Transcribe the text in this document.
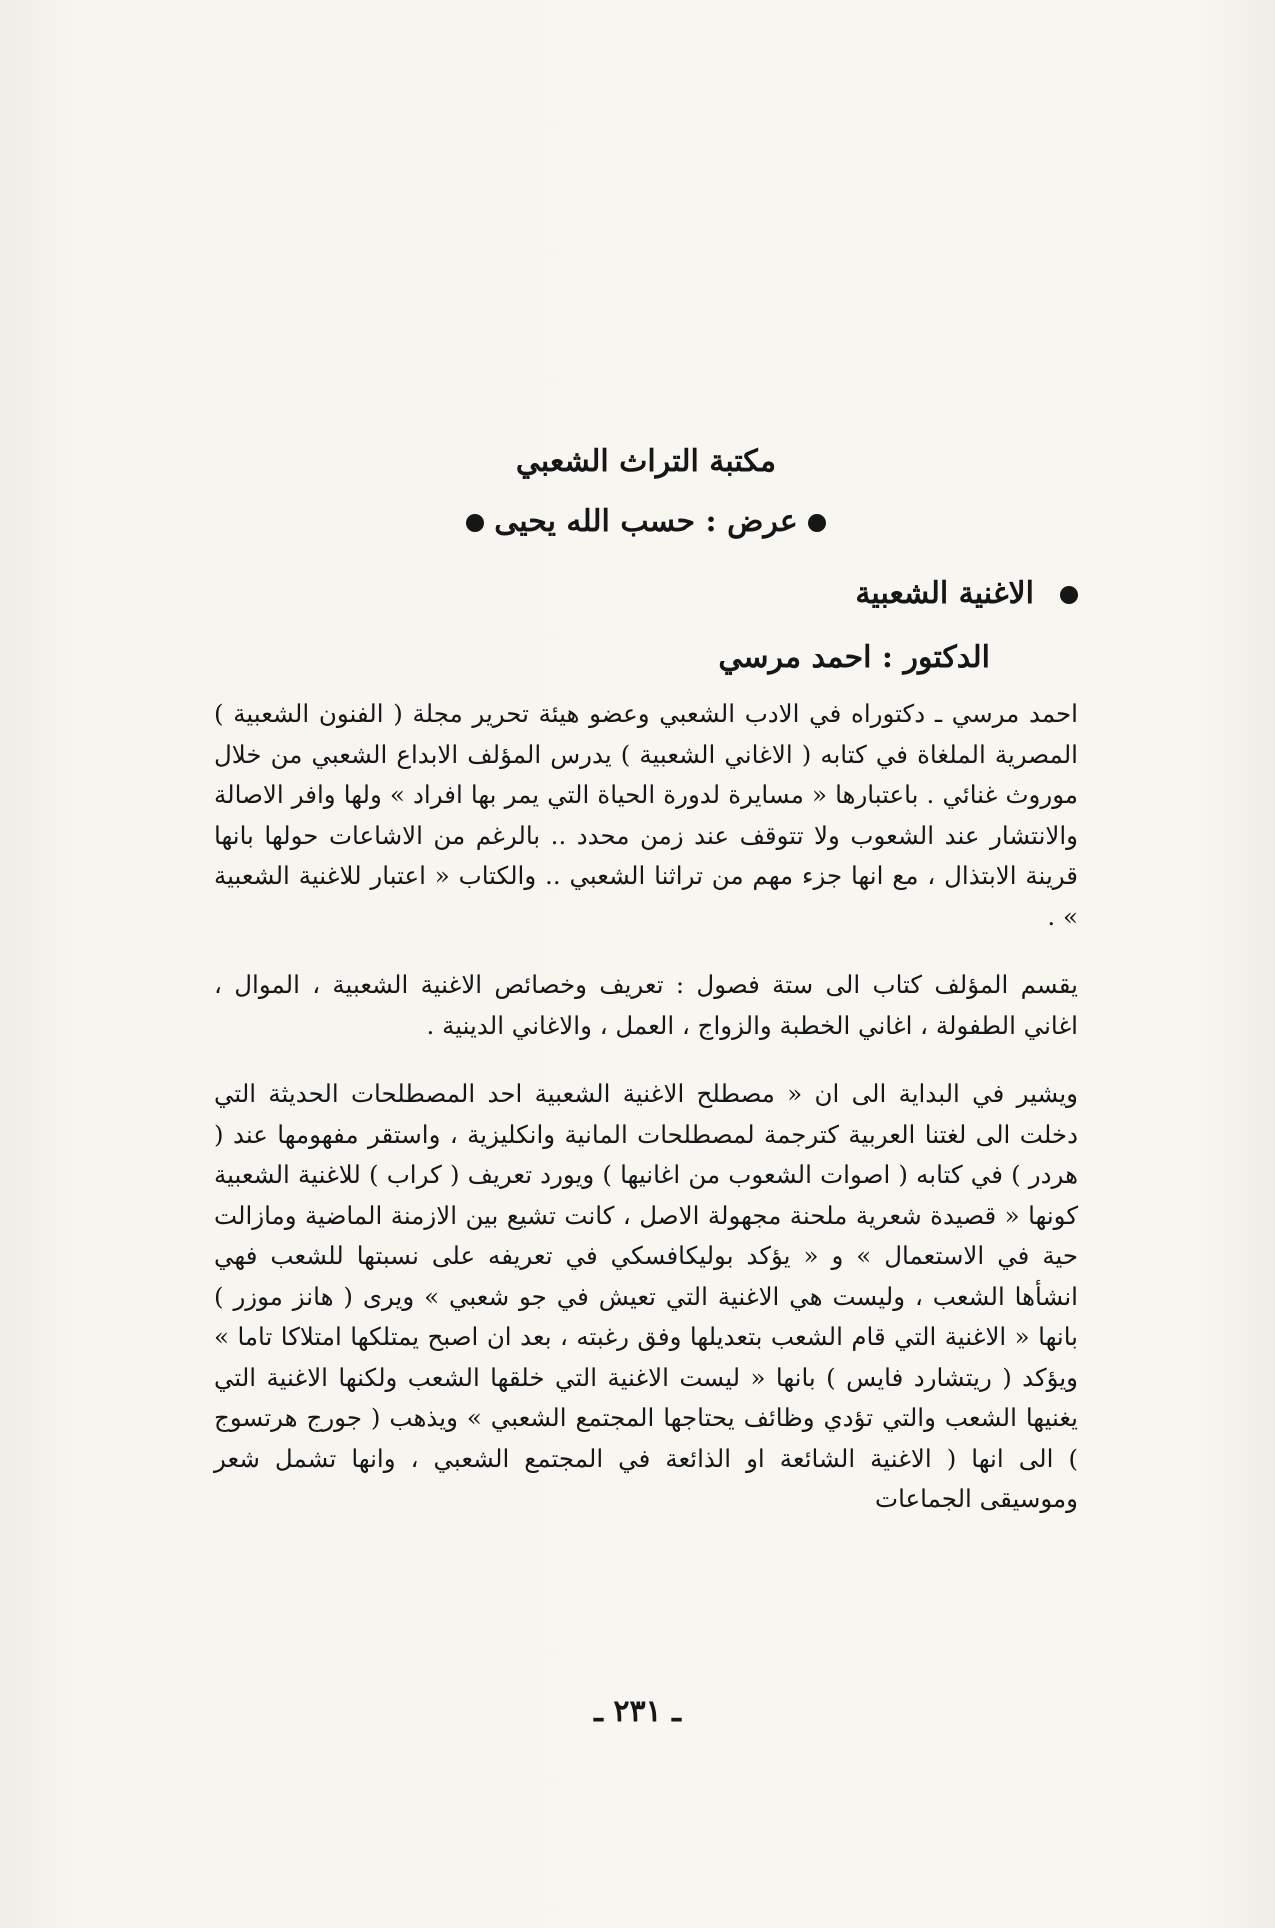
مكتبة التراث الشعبي
عرض : حسب الله يحيى
الاغنية الشعبية
الدكتور : احمد مرسي

احمد مرسي ـ دكتوراه في الادب الشعبي وعضو هيئة تحرير مجلة ( الفنون الشعبية ) المصرية الملغاة في كتابه ( الاغاني الشعبية ) يدرس المؤلف الابداع الشعبي من خلال موروث غنائي . باعتبارها « مسايرة لدورة الحياة التي يمر بها افراد » ولها وافر الاصالة والانتشار عند الشعوب ولا تتوقف عند زمن محدد .. بالرغم من الاشاعات حولها بانها قرينة الابتذال ، مع انها جزء مهم من تراثنا الشعبي .. والكتاب « اعتبار للاغنية الشعبية » .

يقسم المؤلف كتاب الى ستة فصول : تعريف وخصائص الاغنية الشعبية ، الموال ، اغاني الطفولة ، اغاني الخطبة والزواج ، العمل ، والاغاني الدينية .

ويشير في البداية الى ان « مصطلح الاغنية الشعبية احد المصطلحات الحديثة التي دخلت الى لغتنا العربية كترجمة لمصطلحات المانية وانكليزية ، واستقر مفهومها عند ( هردر ) في كتابه ( اصوات الشعوب من اغانيها ) ويورد تعريف ( كراب ) للاغنية الشعبية كونها « قصيدة شعرية ملحنة مجهولة الاصل ، كانت تشيع بين الازمنة الماضية ومازالت حية في الاستعمال » و « يؤكد بوليكافسكي في تعريفه على نسبتها للشعب فهي انشأها الشعب ، وليست هي الاغنية التي تعيش في جو شعبي » ويرى ( هانز موزر ) بانها « الاغنية التي قام الشعب بتعديلها وفق رغبته ، بعد ان اصبح يمتلكها امتلاكا تاما » ويؤكد ( ريتشارد فايس ) بانها « ليست الاغنية التي خلقها الشعب ولكنها الاغنية التي يغنيها الشعب والتي تؤدي وظائف يحتاجها المجتمع الشعبي » ويذهب ( جورج هرتسوج ) الى انها ( الاغنية الشائعة او الذائعة في المجتمع الشعبي ، وانها تشمل شعر وموسيقى الجماعات

ـ ٢٣١ ـ
